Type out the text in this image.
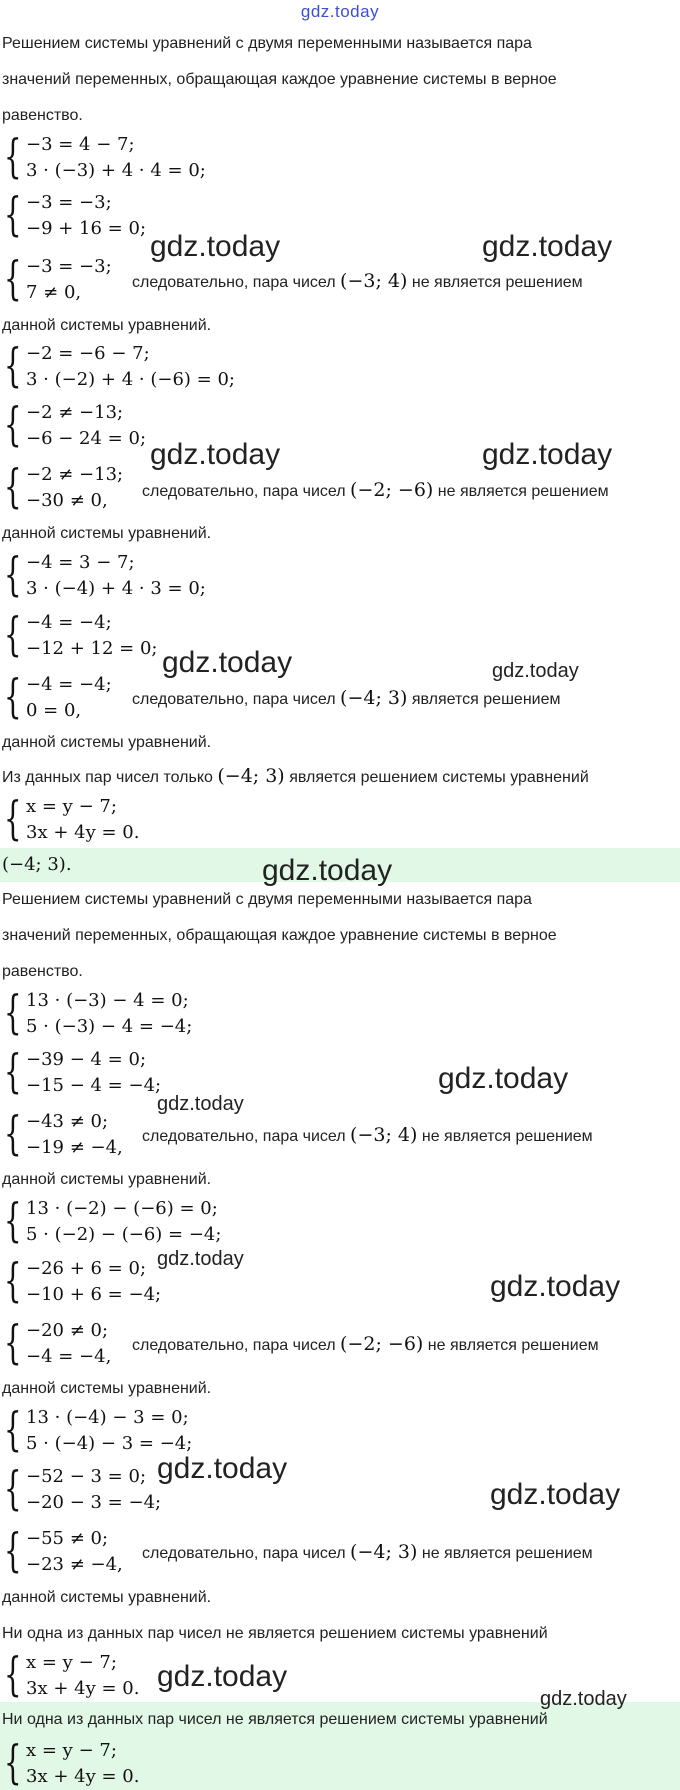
gdz.today
Решением системы уравнений с двумя переменными называется пара
значений переменных, обращающая каждое уравнение системы в верное
равенство.
{ −3 = 4 − 7;
3 · (−3) + 4 · 4 = 0;
{ −3 = −3;
−9 + 16 = 0;
{ −3 = −3;
7 ≠ 0,	следовательно, пара чисел (−3; 4) не является решением
данной системы уравнений.
{ −2 = −6 − 7;
3 · (−2) + 4 · (−6) = 0;
{ −2 ≠ −13;
−6 − 24 = 0;
{ −2 ≠ −13;
−30 ≠ 0, следовательно, пара чисел (−2; −6) не является решением
данной системы уравнений.
{ −4 = 3 − 7;
3 · (−4) + 4 · 3 = 0;
{ −4 = −4;
−12 + 12 = 0;
{ −4 = −4;
0 = 0,
следовательно, пара чисел (−4; 3) является решением
данной системы уравнений.
Из данных пар чисел только (−4; 3) является решением системы уравнений
{ x = y − 7;
3x + 4y = 0.
(−4; 3).
Решением системы уравнений с двумя переменными называется пара
значений переменных, обращающая каждое уравнение системы в верное
равенство.
{ 13 · (−3) − 4 = 0;
5 · (−3) − 4 = −4;
{ −39 − 4 = 0;
−15 − 4 = −4;
{ −43 ≠ 0;
−19 ≠ −4,
следовательно, пара чисел (−3; 4) не является решением
данной системы уравнений.
{ 13 · (−2) − (−6) = 0;
5 · (−2) − (−6) = −4;
{ −26 + 6 = 0;
−10 + 6 = −4;
{ −20 ≠ 0;
−4 = −4,
следовательно, пара чисел (−2; −6) не является решением
данной системы уравнений.
{ 13 · (−4) − 3 = 0;
5 · (−4) − 3 = −4;
{ −52 − 3 = 0;
−20 − 3 = −4;
{ −55 ≠ 0;
−23 ≠ −4,
следовательно, пара чисел (−4; 3) не является решением
данной системы уравнений.
Ни одна из данных пар чисел не является решением системы уравнений
{ x = y − 7;
3x + 4y = 0.
Ни одна из данных пар чисел не является решением системы уравнений
{ x = y − 7;
3x + 4y = 0.
gdz.today	gdz.today
gdz.today	gdz.today
gdz.today	gdz.today
gdz.today
gdz.today
gdz.today
gdz.today
gdz.today
gdz.today
gdz.today
gdz.today
gdz.today
